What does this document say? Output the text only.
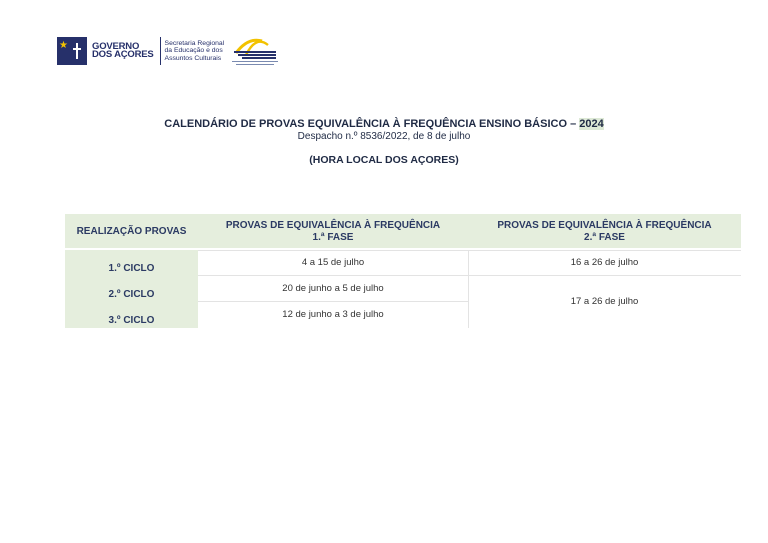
★	GOVERNO
DOS AÇORES
Secretaria Regional
da Educação e dos
Assuntos Culturais
CALENDÁRIO DE PROVAS EQUIVALÊNCIA À FREQUÊNCIA ENSINO BÁSICO – 2024
Despacho n.º 8536/2022, de 8 de julho
(HORA LOCAL DOS AÇORES)
REALIZAÇÃO PROVAS
PROVAS DE EQUIVALÊNCIA À FREQUÊNCIA
1.ª FASE
PROVAS DE EQUIVALÊNCIA À FREQUÊNCIA
2.ª FASE
1.º CICLO
2.º CICLO
3.º CICLO
4 a 15 de julho	16 a 26 de julho
20 de junho a 5 de julho
17 a 26 de julho
12 de junho a 3 de julho
